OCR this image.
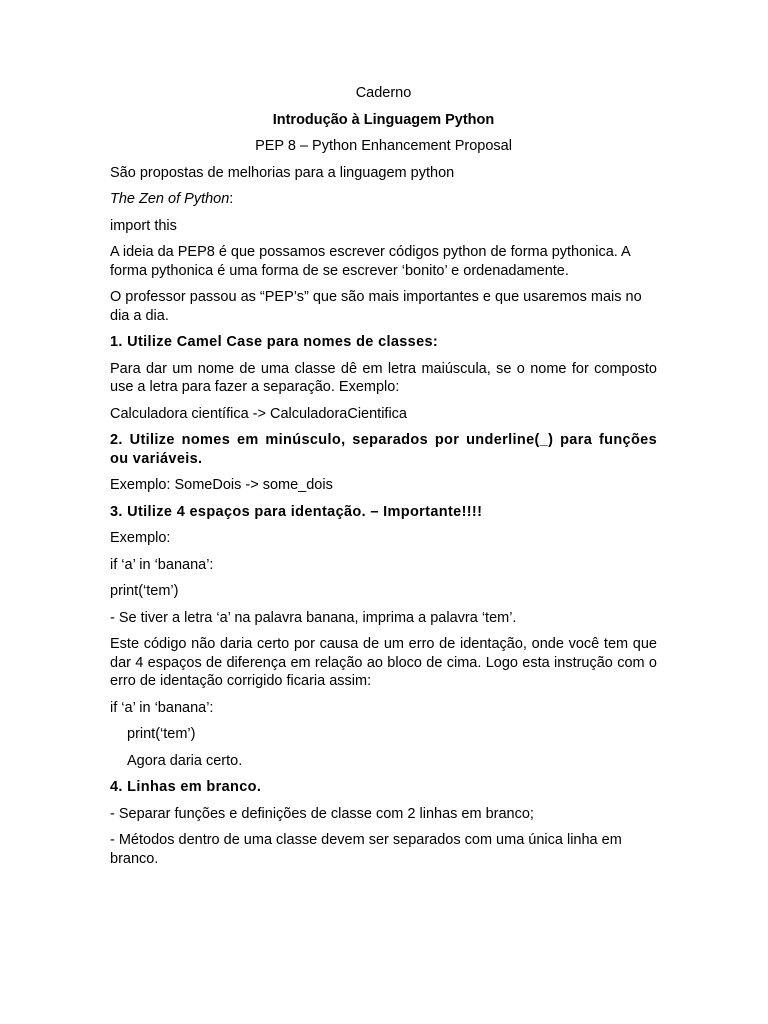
Caderno

Introdução à Linguagem Python

PEP 8 – Python Enhancement Proposal

São propostas de melhorias para a linguagem python

The Zen of Python:

import this

A ideia da PEP8 é que possamos escrever códigos python de forma pythonica. A forma pythonica é uma forma de se escrever ‘bonito’ e ordenadamente.

O professor passou as “PEP’s” que são mais importantes e que usaremos mais no dia a dia.

1. Utilize Camel Case para nomes de classes:

Para dar um nome de uma classe dê em letra maiúscula, se o nome for composto use a letra para fazer a separação. Exemplo:

Calculadora científica -> CalculadoraCientifica

2. Utilize nomes em minúsculo, separados por underline(_) para funções ou variáveis.

Exemplo: SomeDois -> some_dois

3. Utilize 4 espaços para identação. – Importante!!!!

Exemplo:

if ‘a’ in ‘banana’:

print(‘tem’)

- Se tiver a letra ‘a’ na palavra banana, imprima a palavra ‘tem’.

Este código não daria certo por causa de um erro de identação, onde você tem que dar 4 espaços de diferença em relação ao bloco de cima. Logo esta instrução com o erro de identação corrigido ficaria assim:

if ‘a’ in ‘banana’:

print(‘tem’)

Agora daria certo.

4. Linhas em branco.

- Separar funções e definições de classe com 2 linhas em branco;

- Métodos dentro de uma classe devem ser separados com uma única linha em branco.
